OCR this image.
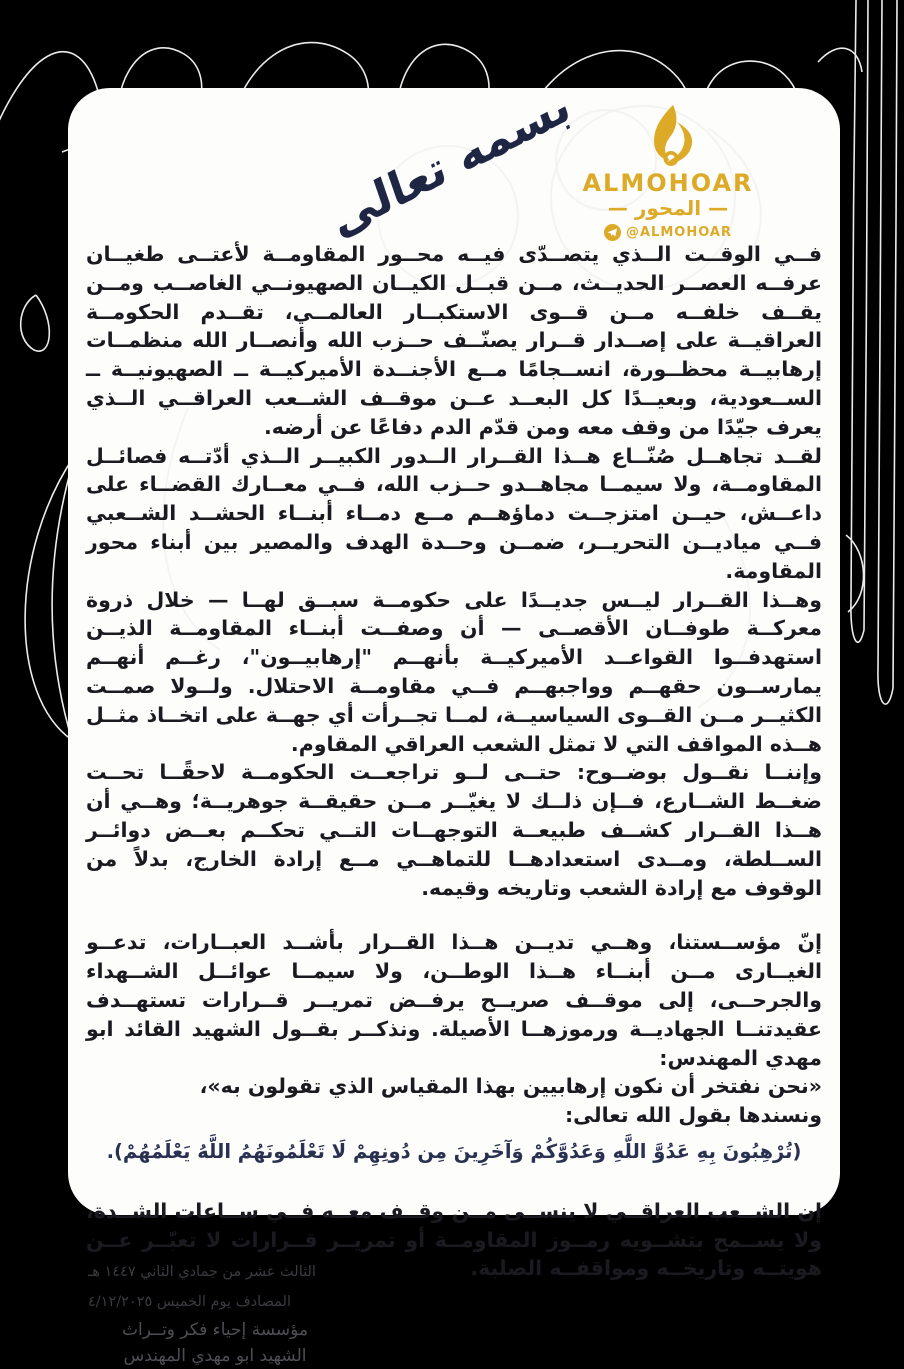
بسمه تعالى ALMOHOAR
— المحور —
@ALMOHOAR

فــي الوقــت الــذي يتصــدّى فيــه محــور المقاومــة لأعتــى طغيــان عرفــه العصــر الحديــث، مــن قبــل الكيــان الصهيونــي الغاصــب ومــن يقــف خلفــه مــن قــوى الاستكبــار العالمــي، تقــدم الحكومــة العراقيــة على إصــدار قــرار يصنّــف حــزب الله وأنصــار الله منظمــات إرهابيــة محظــورة، انســجامًا مــع الأجنــدة الأميركيــة ــ الصهيونيــة ــ الســعودية، وبعيــدًا كل البعــد عــن موقــف الشــعب العراقــي الــذي يعرف جيّدًا من وقف معه ومن قدّم الدم دفاعًا عن أرضه.

لقــد تجاهــل صُنّــاع هــذا القــرار الــدور الكبيــر الــذي أدّتــه فصائــل المقاومــة، ولا سيمــا مجاهــدو حــزب الله، فــي معــارك القضــاء على داعــش، حيــن امتزجــت دماؤهــم مــع دمــاء أبنــاء الحشــد الشــعبي فــي مياديــن التحريــر، ضمــن وحــدة الهدف والمصير بين أبناء محور المقاومة.

وهــذا القــرار ليــس جديــدًا على حكومــة سبــق لهــا — خلال ذروة معركــة طوفــان الأقصــى — أن وصفــت أبنــاء المقاومــة الذيــن استهدفــوا القواعــد الأميركيــة بأنهــم "إرهابيــون"، رغــم أنهــم يمارســون حقهــم وواجبهــم فــي مقاومــة الاحتلال. ولــولا صمــت الكثيــر مــن القــوى السياسيــة، لمــا تجــرأت أي جهــة على اتخــاذ مثــل هــذه المواقف التي لا تمثل الشعب العراقي المقاوم.

وإننــا نقــول بوضــوح: حتــى لــو تراجعــت الحكومــة لاحقًــا تحــت ضغــط الشــارع، فــإن ذلــك لا يغيّــر مــن حقيقــة جوهريــة؛ وهــي أن هــذا القــرار كشــف طبيعــة التوجهــات التــي تحكــم بعــض دوائــر الســلطة، ومــدى استعدادهــا للتماهــي مــع إرادة الخارج، بدلاً من الوقوف مع إرادة الشعب وتاريخه وقيمه.

إنّ مؤســستنا، وهــي تديــن هــذا القــرار بأشــد العبــارات، تدعــو الغيــارى مــن أبنــاء هــذا الوطــن، ولا سيمــا عوائــل الشــهداء والجرحــى، إلى موقــف صريــح يرفــض تمريــر قــرارات تستهــدف عقيدتنــا الجهاديــة ورموزهــا الأصيلة. ونذكــر بقــول الشهيد القائد ابو مهدي المهندس:

«نحن نفتخر أن نكون إرهابيين بهذا المقياس الذي تقولون به»،

ونسندها بقول الله تعالى:

(تُرْهِبُونَ بِهِ عَدُوَّ اللَّهِ وَعَدُوَّكُمْ وَآخَرِينَ مِن دُونِهِمْ لَا تَعْلَمُونَهُمُ اللَّهُ يَعْلَمُهُمْ).

إن الشــعب العراقــي لا ينســى مــن وقــف معــه فــي ســاعات الشــدة، ولا يســمح بتشــويه رمــوز المقاومــة أو تمريــر قــرارات لا تعبّــر عــن هويتــه وتاريخــه ومواقفــه الصلبة.
الثالث عشر من جمادي الثاني ١٤٤٧ هـ
المصادف يوم الخميس ٤/١٢/٢٠٢٥

مؤسسة إحياء فكر وتــراث
الشهيد ابو مهدي المهندس
